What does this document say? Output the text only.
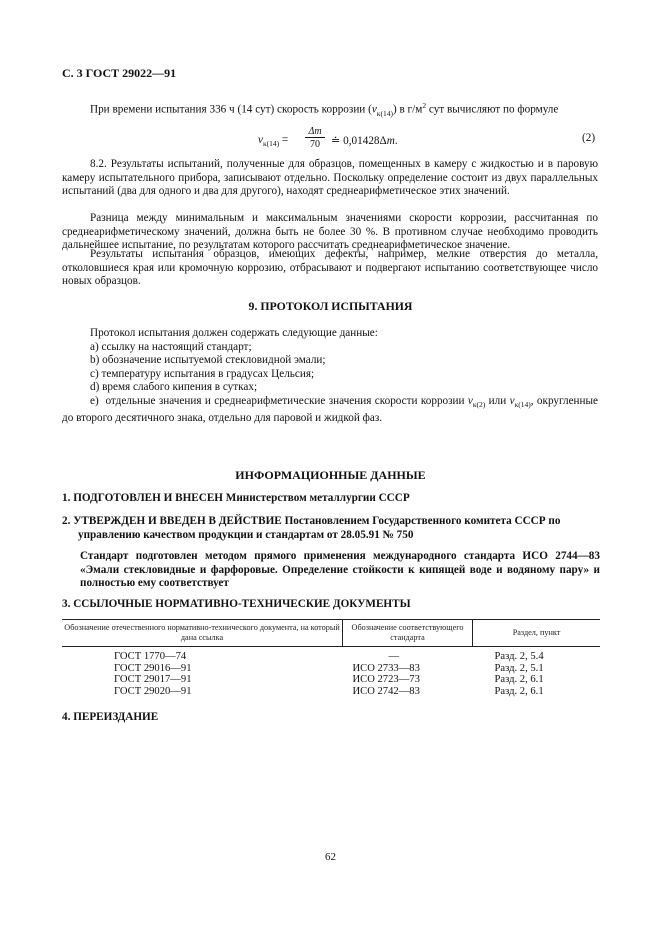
С. 3 ГОСТ 29022—91
При времени испытания 336 ч (14 сут) скорость коррозии $(v_{к(14)})$ в $г/м^2$ сут вычисляют по формуле
$v_{к(14)}$ =
Δm
70 ≐ 0,01428Δm.	(2)
8.2. Результаты испытаний, полученные для образцов, помещенных в камеру с жидкостью и в паровую камеру испытательного прибора, записывают отдельно. Поскольку определение состоит из двух параллельных испытаний (два для одного и два для другого), находят среднеарифметическое этих значений.
Разница между минимальным и максимальным значениями скорости коррозии, рассчитанная по среднеарифметическому значений, должна быть не более 30 %. В противном случае необходимо проводить дальнейшее испытание, по результатам которого рассчитать среднеарифметическое значение.
Результаты испытания образцов, имеющих дефекты, например, мелкие отверстия до металла, отколовшиеся края или кромочную коррозию, отбрасывают и подвергают испытанию соответствующее число новых образцов.
9. ПРОТОКОЛ ИСПЫТАНИЯ
Протокол испытания должен содержать следующие данные:
a) ссылку на настоящий стандарт;
b) обозначение испытуемой стекловидной эмали;
c) температуру испытания в градусах Цельсия;
d) время слабого кипения в сутках;
e)  отдельные значения и среднеарифметические значения скорости коррозии $v_{к(2)}$ или $v_{к(14)}$, округленные до второго десятичного знака, отдельно для паровой и жидкой фаз.
ИНФОРМАЦИОННЫЕ ДАННЫЕ
1. ПОДГОТОВЛЕН И ВНЕСЕН Министерством металлургии СССР
2. УТВЕРЖДЕН И ВВЕДЕН В ДЕЙСТВИЕ Постановлением Государственного комитета СССР по управлению качеством продукции и стандартам от 28.05.91 № 750
Стандарт подготовлен методом прямого применения международного стандарта ИСО 2744—83 «Эмали стекловидные и фарфоровые. Определение стойкости к кипящей воде и водяному пару» и полностью ему соответствует
3. ССЫЛОЧНЫЕ НОРМАТИВНО-ТЕХНИЧЕСКИЕ ДОКУМЕНТЫ
Обозначение отечественного нормативно-технического документа, на который дана ссылка	Обозначение соответствующего стандарта	Раздел, пункт
ГОСТ 1770—74	—	Разд. 2, 5.4
ГОСТ 29016—91	ИСО 2733—83	Разд. 2, 5.1
ГОСТ 29017—91	ИСО 2723—73	Разд. 2, 6.1
ГОСТ 29020—91	ИСО 2742—83	Разд. 2, 6.1
4. ПЕРЕИЗДАНИЕ
62
